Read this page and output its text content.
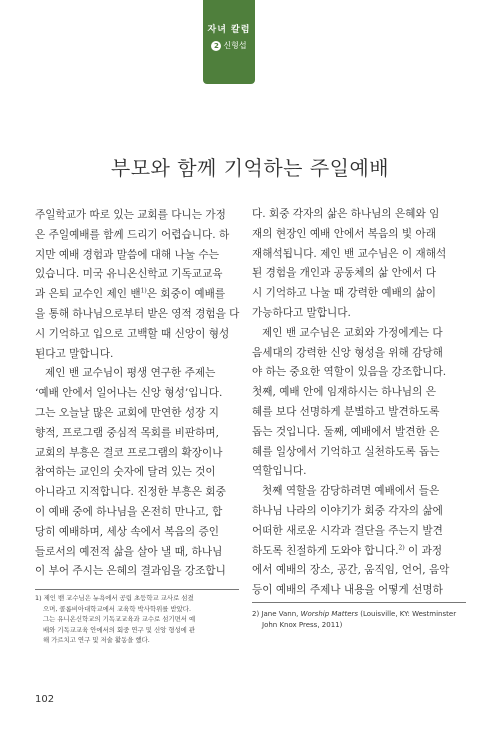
자녀 칼럼
2 신형섭
부모와 함께 기억하는 주일예배

주일학교가 따로 있는 교회를 다니는 가정

은 주일예배를 함께 드리기 어렵습니다. 하

지만 예배 경험과 말씀에 대해 나눌 수는

있습니다. 미국 유니온신학교 기독교교육

과 은퇴 교수인 제인 밴$^{1)}$은 회중이 예배를

을 통해 하나님으로부터 받은 영적 경험을 다

시 기억하고 입으로 고백할 때 신앙이 형성

된다고 말합니다.

제인 밴 교수님이 평생 연구한 주제는

‘예배 안에서 일어나는 신앙 형성’입니다.

그는 오늘날 많은 교회에 만연한 성장 지

향적, 프로그램 중심적 목회를 비판하며,

교회의 부흥은 결코 프로그램의 확장이나

참여하는 교인의 숫자에 달려 있는 것이

아니라고 지적합니다. 진정한 부흥은 회중

이 예배 중에 하나님을 온전히 만나고, 합

당히 예배하며, 세상 속에서 복음의 증인

들로서의 예전적 삶을 살아 낼 때, 하나님

이 부어 주시는 은혜의 결과임을 강조합니

다. 회중 각자의 삶은 하나님의 은혜와 임

재의 현장인 예배 안에서 복음의 빛 아래

재해석됩니다. 제인 밴 교수님은 이 재해석

된 경험을 개인과 공동체의 삶 안에서 다

시 기억하고 나눌 때 강력한 예배의 삶이

가능하다고 말합니다.

제인 밴 교수님은 교회와 가정에게는 다

음세대의 강력한 신앙 형성을 위해 감당해

야 하는 중요한 역할이 있음을 강조합니다.

첫째, 예배 안에 임재하시는 하나님의 은

혜를 보다 선명하게 분별하고 발견하도록

돕는 것입니다. 둘째, 예배에서 발견한 은

혜를 일상에서 기억하고 실천하도록 돕는

역할입니다.

첫째 역할을 감당하려면 예배에서 들은

하나님 나라의 이야기가 회중 각자의 삶에

어떠한 새로운 시각과 결단을 주는지 발견

하도록 친절하게 도와야 합니다.$^{2)}$ 이 과정

에서 예배의 장소, 공간, 움직임, 언어, 음악

등이 예배의 주제나 내용을 어떻게 선명하

1) 제인 밴 교수님은 뉴욕에서 공립 초등학교 교사로 섬겼
으며, 콜롬비아대학교에서 교육학 박사학위를 받았다.
그는 유니온신학교의 기독교교육과 교수로 섬기면서 예
배와 기독교교육 안에서의 회중 연구 및 신앙 형성에 관
해 가르치고 연구 및 저술 활동을 했다.
2) Jane Vann, Worship Matters (Louisville, KY: Westminster
John Knox Press, 2011)
102
